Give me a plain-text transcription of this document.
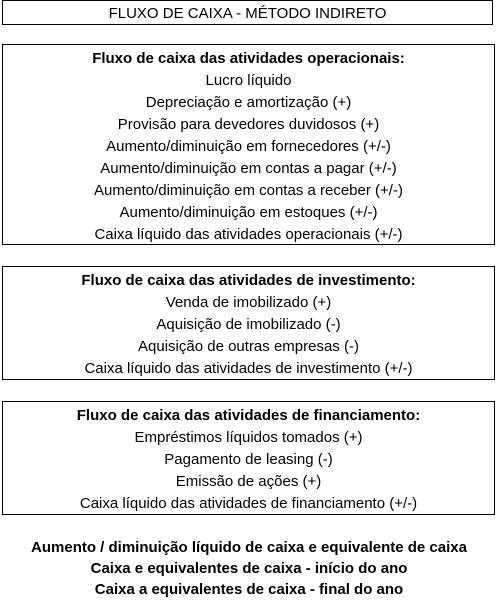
FLUXO DE CAIXA - MÉTODO INDIRETO
Fluxo de caixa das atividades operacionais:
Lucro líquido
Depreciação e amortização (+)
Provisão para devedores duvidosos (+)
Aumento/diminuição em fornecedores (+/-)
Aumento/diminuição em contas a pagar (+/-)
Aumento/diminuição em contas a receber (+/-)
Aumento/diminuição em estoques (+/-)
Caixa líquido das atividades operacionais (+/-)
Fluxo de caixa das atividades de investimento:
Venda de imobilizado (+)
Aquisição de imobilizado (-)
Aquisição de outras empresas (-)
Caixa líquido das atividades de investimento (+/-)
Fluxo de caixa das atividades de financiamento:
Empréstimos líquidos tomados (+)
Pagamento de leasing (-)
Emissão de ações (+)
Caixa líquido das atividades de financiamento (+/-)
Aumento / diminuição líquido de caixa e equivalente de caixa
Caixa e equivalentes de caixa - início do ano
Caixa a equivalentes de caixa - final do ano
